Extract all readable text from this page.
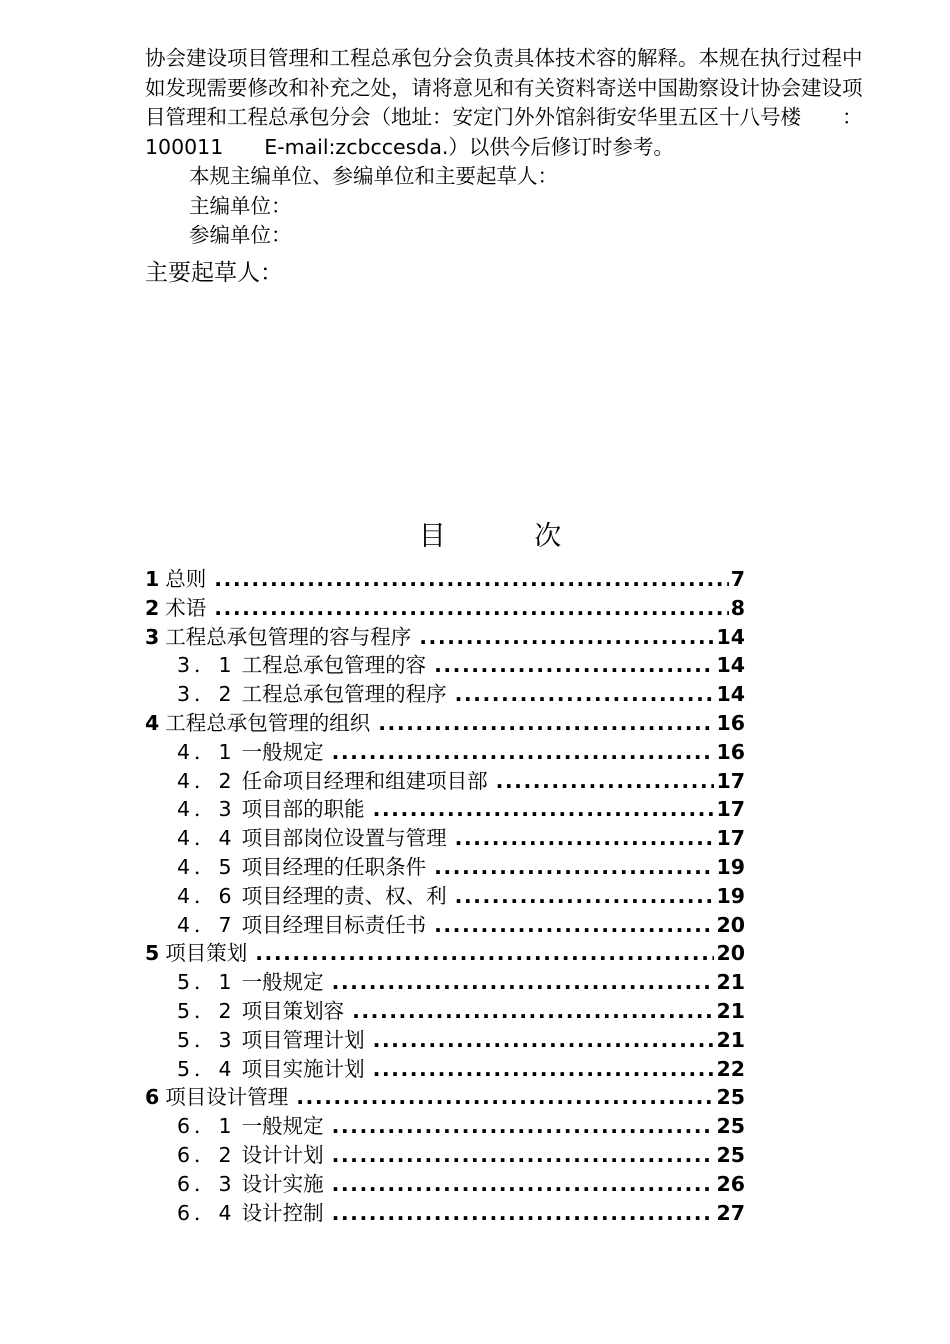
协会建设项目管理和工程总承包分会负责具体技术容的解释。本规在执行过程中如发现需要修改和补充之处，请将意见和有关资料寄送中国勘察设计协会建设项目管理和工程总承包分会（地址：安定门外外馆斜街安华里五区十八号楼　　：100011　　E-mail:zcbccesda.）以供今后修订时参考。

本规主编单位、参编单位和主要起草人：

主编单位：

参编单位：

主要起草人：

目 次
1 总则 .....	7
2 术语 .....	8
3 工程总承包管理的容与程序 .....	14
3．1 工程总承包管理的容 .....	14
3．2 工程总承包管理的程序 .....	14
4 工程总承包管理的组织 .....	16
4．1 一般规定 .....	16
4．2 任命项目经理和组建项目部 .....	17
4．3 项目部的职能 .....	17
4．4 项目部岗位设置与管理 .....	17
4．5 项目经理的任职条件 .....	19
4．6 项目经理的责、权、利 .....	19
4．7 项目经理目标责任书 .....	20
5 项目策划 .....	20
5．1 一般规定 .....	21
5．2 项目策划容 .....	21
5．3 项目管理计划 .....	21
5．4 项目实施计划 .....	22
6 项目设计管理 .....	25
6．1 一般规定 .....	25
6．2 设计计划 .....	25
6．3 设计实施 .....	26
6．4 设计控制 .....	27
